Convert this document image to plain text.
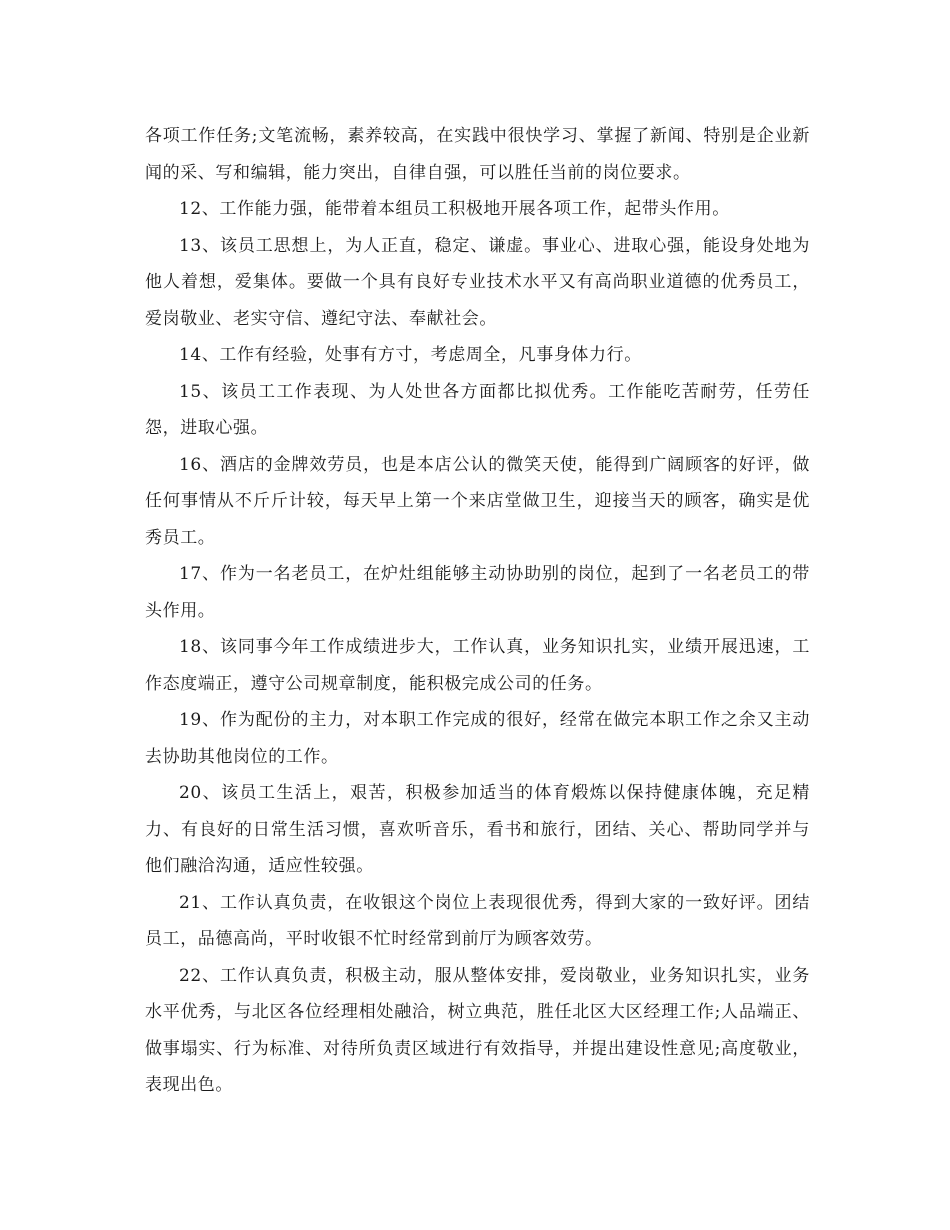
各项工作任务;文笔流畅，素养较高，在实践中很快学习、掌握了新闻、特别是企业新闻的采、写和编辑，能力突出，自律自强，可以胜任当前的岗位要求。

12、工作能力强，能带着本组员工积极地开展各项工作，起带头作用。

13、该员工思想上，为人正直，稳定、谦虚。事业心、进取心强，能设身处地为他人着想，爱集体。要做一个具有良好专业技术水平又有高尚职业道德的优秀员工，爱岗敬业、老实守信、遵纪守法、奉献社会。

14、工作有经验，处事有方寸，考虑周全，凡事身体力行。

15、该员工工作表现、为人处世各方面都比拟优秀。工作能吃苦耐劳，任劳任怨，进取心强。

16、酒店的金牌效劳员，也是本店公认的微笑天使，能得到广阔顾客的好评，做任何事情从不斤斤计较，每天早上第一个来店堂做卫生，迎接当天的顾客，确实是优秀员工。

17、作为一名老员工，在炉灶组能够主动协助别的岗位，起到了一名老员工的带头作用。

18、该同事今年工作成绩进步大，工作认真，业务知识扎实，业绩开展迅速，工作态度端正，遵守公司规章制度，能积极完成公司的任务。

19、作为配份的主力，对本职工作完成的很好，经常在做完本职工作之余又主动去协助其他岗位的工作。

20、该员工生活上，艰苦，积极参加适当的体育煅炼以保持健康体魄，充足精力、有良好的日常生活习惯，喜欢听音乐，看书和旅行，团结、关心、帮助同学并与他们融洽沟通，适应性较强。

21、工作认真负责，在收银这个岗位上表现很优秀，得到大家的一致好评。团结员工，品德高尚，平时收银不忙时经常到前厅为顾客效劳。

22、工作认真负责，积极主动，服从整体安排，爱岗敬业，业务知识扎实，业务水平优秀，与北区各位经理相处融洽，树立典范，胜任北区大区经理工作;人品端正、做事塌实、行为标准、对待所负责区域进行有效指导，并提出建设性意见;高度敬业，表现出色。
